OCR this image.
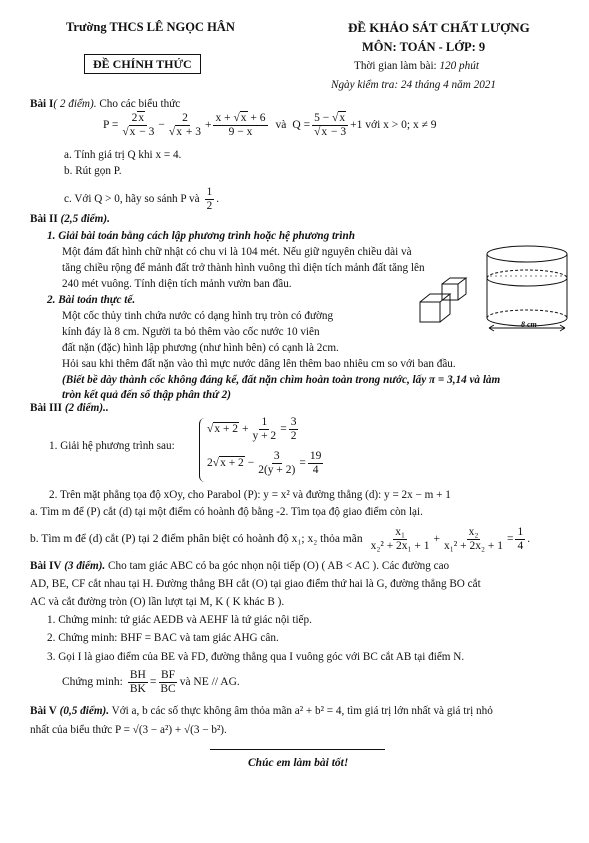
Trường THCS LÊ NGỌC HÂN
ĐỀ CHÍNH THỨC
ĐỀ KHẢO SÁT CHẤT LƯỢNG
MÔN: TOÁN - LỚP: 9
Thời gian làm bài: 120 phút
Ngày kiểm tra: 24 tháng 4 năm 2021
Bài I( 2 điểm). Cho các biểu thức
$P = \frac{2x}{√x - 3} - \frac{2}{√x + 3} + \frac{x + √x + 6}{9 - x}$ và $Q = \frac{5 - √x}{√x - 3} +1$ với x > 0; x ≠ 9
a. Tính giá trị Q khi x = 4.
b. Rút gọn P.
c. Với Q > 0, hãy so sánh P và $\frac{1}{2}$ .
Bài II (2,5 điểm).
1. Giải bài toán bằng cách lập phương trình hoặc hệ phương trình
Một đám đất hình chữ nhật có chu vi là 104 mét. Nếu giữ nguyên chiều dài và
tăng chiều rộng để mảnh đất trở thành hình vuông thì diện tích mảnh đất tăng lên
240 mét vuông. Tính diện tích mảnh vườn ban đầu.
2. Bài toán thực tế.
Một cốc thủy tinh chứa nước có dạng hình trụ tròn có đường
kính đáy là 8 cm. Người ta bỏ thêm vào cốc nước 10 viên
đất nặn (đặc) hình lập phương (như hình bên) có cạnh là 2cm.
Hỏi sau khi thêm đất nặn vào thì mực nước dâng lên thêm bao nhiêu cm so với ban đầu.
(Biết bề dày thành cốc không đáng kể, đất nặn chìm hoàn toàn trong nước, lấy π = 3,14 và làm
tròn kết quả đến số thập phân thứ 2)
8 cm
Bài III (2 điểm)..
1. Giải hệ phương trình sau:
$√x + 2 + \frac{1}{y + 2} = \frac{3}{2}$
$2√x + 2 - \frac{3}{2(y + 2)} = \frac{19}{4}$
2. Trên mặt phẳng tọa độ xOy, cho Parabol (P): y = x² và đường thẳng (d): y = 2x − m + 1
a. Tìm m để (P) cắt (d) tại một điểm có hoành độ bằng -2. Tìm tọa độ giao điểm còn lại.
b. Tìm m để (d) cắt (P) tại 2 điểm phân biệt có hoành độ x₁; x₂ thỏa mãn $\frac{\text{x₁}}{\text{x₂² + 2x₁ + 1}} + \frac{\text{x₂}}{\text{x₁² + 2x₂ + 1}} = \frac{1}{4}$ .
Bài IV (3 điểm). Cho tam giác ABC có ba góc nhọn nội tiếp (O) ( AB < AC ). Các đường cao
AD, BE, CF cắt nhau tại H. Đường thẳng BH cắt (O) tại giao điểm thứ hai là G, đường thẳng BO cắt
AC và cắt đường tròn (O) lần lượt tại M, K ( K khác B ).
1. Chứng minh: tứ giác AEDB và AEHF là tứ giác nội tiếp.
2. Chứng minh: BHF = BAC và tam giác AHG cân.
3. Gọi I là giao điểm của BE và FD, đường thẳng qua I vuông góc với BC cắt AB tại điểm N.
Chứng minh: $\frac{BH}{BK} = \frac{BF}{BC}$ và NE // AG.
Bài V (0,5 điểm). Với a, b các số thực không âm thỏa mãn a² + b² = 4, tìm giá trị lớn nhất và giá trị nhỏ
nhất của biểu thức P = √(3 − a²) + √(3 − b²).
Chúc em làm bài tốt!
